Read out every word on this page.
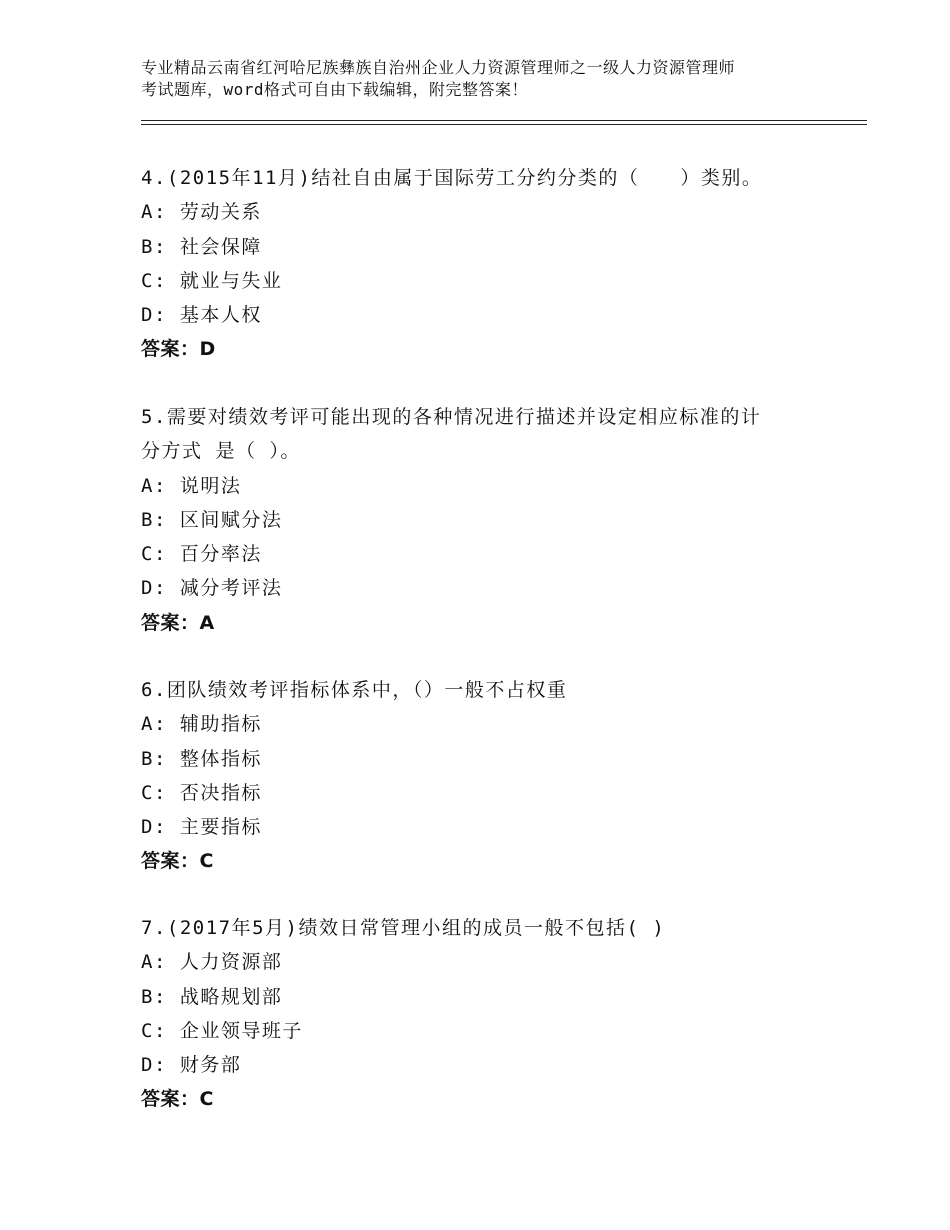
专业精品云南省红河哈尼族彝族自治州企业人力资源管理师之一级人力资源管理师
考试题库，word格式可自由下载编辑，附完整答案！
4.(2015年11月)结社自由属于国际劳工分约分类的（　　）类别。
A: 劳动关系
B: 社会保障
C: 就业与失业
D: 基本人权
答案：D
5.需要对绩效考评可能出现的各种情况进行描述并设定相应标准的计
分方式 是（ ）。
A: 说明法
B: 区间赋分法
C: 百分率法
D: 减分考评法
答案：A
6.团队绩效考评指标体系中，（）一般不占权重
A: 辅助指标
B: 整体指标
C: 否决指标
D: 主要指标
答案：C
7.(2017年5月)绩效日常管理小组的成员一般不包括( )
A: 人力资源部
B: 战略规划部
C: 企业领导班子
D: 财务部
答案：C
